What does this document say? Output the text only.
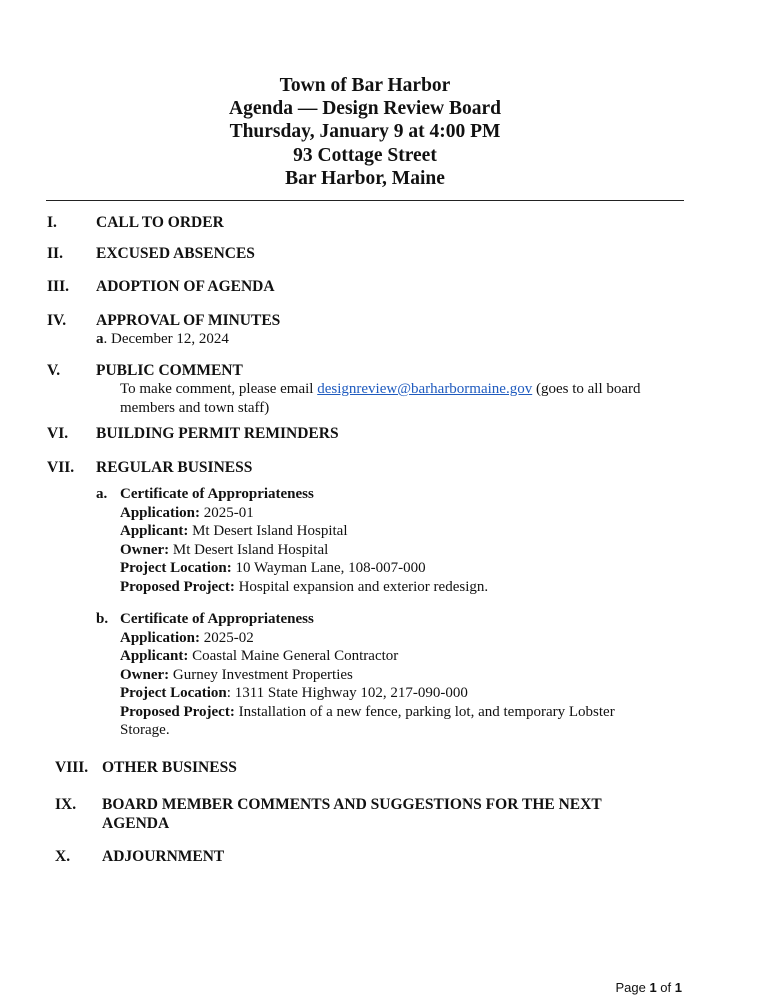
Town of Bar Harbor
Agenda — Design Review Board
Thursday, January 9 at 4:00 PM
93 Cottage Street
Bar Harbor, Maine
I.	CALL TO ORDER
II. EXCUSED ABSENCES
III. ADOPTION OF AGENDA
IV. APPROVAL OF MINUTES
a. December 12, 2024
V. PUBLIC COMMENT
To make comment, please email designreview@barharbormaine.gov (goes to all board members and town staff)
VI. BUILDING PERMIT REMINDERS
VII. REGULAR BUSINESS
a. Certificate of Appropriateness
Application: 2025-01
Applicant: Mt Desert Island Hospital
Owner: Mt Desert Island Hospital
Project Location: 10 Wayman Lane, 108-007-000
Proposed Project: Hospital expansion and exterior redesign.
b. Certificate of Appropriateness
Application: 2025-02
Applicant: Coastal Maine General Contractor
Owner: Gurney Investment Properties
Project Location: 1311 State Highway 102, 217-090-000
Proposed Project: Installation of a new fence, parking lot, and temporary Lobster Storage.
VIII. OTHER BUSINESS
IX. BOARD MEMBER COMMENTS AND SUGGESTIONS FOR THE NEXT
AGENDA
X. ADJOURNMENT
Page 1 of 1
